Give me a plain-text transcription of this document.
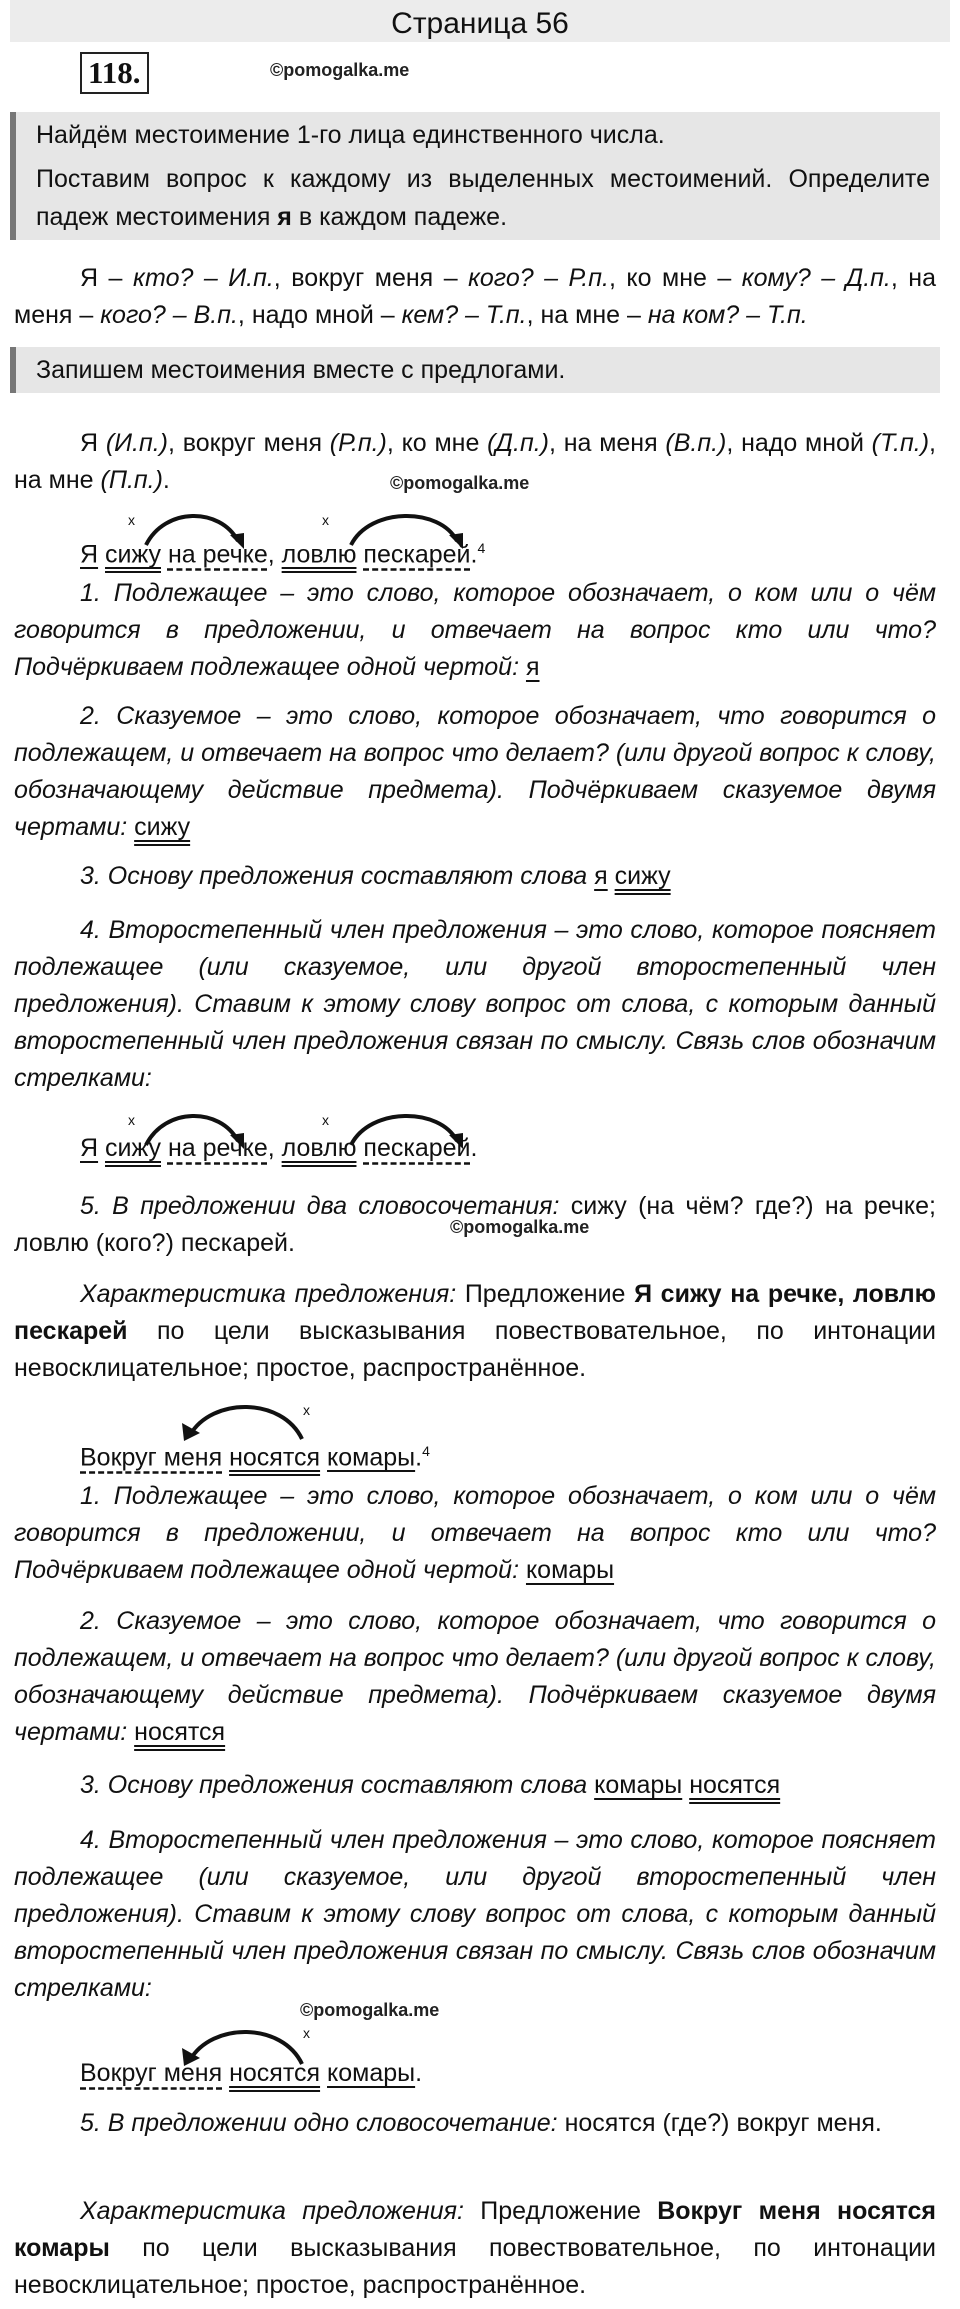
Страница 56
118.	©pomogalka.me

Найдём местоимение 1-го лица единственного числа.

Поставим вопрос к каждому из выделенных местоимений. Определите падеж местоимения я в каждом падеже.

Я – кто? – И.п., вокруг меня – кого? – Р.п., ко мне – кому? – Д.п., на меня – кого? – В.п., надо мной – кем? – Т.п., на мне – на ком? – Т.п.

Запишем местоимения вместе с предлогами.

Я (И.п.), вокруг меня (Р.п.), ко мне (Д.п.), на меня (В.п.), надо мной (Т.п.), на мне (П.п.).	©pomogalka.me
x	x
Я сижу на речке, ловлю пескарей.$^4$

1. Подлежащее – это слово, которое обозначает, о ком или о чём говорится в предложении, и отвечает на вопрос кто или что? Подчёркиваем подлежащее одной чертой: я

2. Сказуемое – это слово, которое обозначает, что говорится о подлежащем, и отвечает на вопрос что делает? (или другой вопрос к слову, обозначающему действие предмета). Подчёркиваем сказуемое двумя чертами: сижу

3. Основу предложения составляют слова я сижу

4. Второстепенный член предложения – это слово, которое поясняет подлежащее (или сказуемое, или другой второстепенный член предложения). Ставим к этому слову вопрос от слова, с которым данный второстепенный член предложения связан по смыслу. Связь слов обозначим стрелками:

x	x
Я сижу на речке, ловлю пескарей.

5. В предложении два словосочетания: сижу (на чём? где?) на речке; ловлю (кого?) пескарей.

©pomogalka.me

Характеристика предложения: Предложение Я сижу на речке, ловлю пескарей по цели высказывания повествовательное, по интонации невосклицательное; простое, распространённое.

x
Вокруг меня носятся комары.$^4$

1. Подлежащее – это слово, которое обозначает, о ком или о чём говорится в предложении, и отвечает на вопрос кто или что? Подчёркиваем подлежащее одной чертой: комары

2. Сказуемое – это слово, которое обозначает, что говорится о подлежащем, и отвечает на вопрос что делает? (или другой вопрос к слову, обозначающему действие предмета). Подчёркиваем сказуемое двумя чертами: носятся

3. Основу предложения составляют слова комары носятся

4. Второстепенный член предложения – это слово, которое поясняет подлежащее (или сказуемое, или другой второстепенный член предложения). Ставим к этому слову вопрос от слова, с которым данный второстепенный член предложения связан по смыслу. Связь слов обозначим стрелками:

©pomogalka.me
x
Вокруг меня носятся комары.

5. В предложении одно словосочетание: носятся (где?) вокруг меня.

Характеристика предложения: Предложение Вокруг меня носятся комары по цели высказывания повествовательное, по интонации невосклицательное; простое, распространённое.
